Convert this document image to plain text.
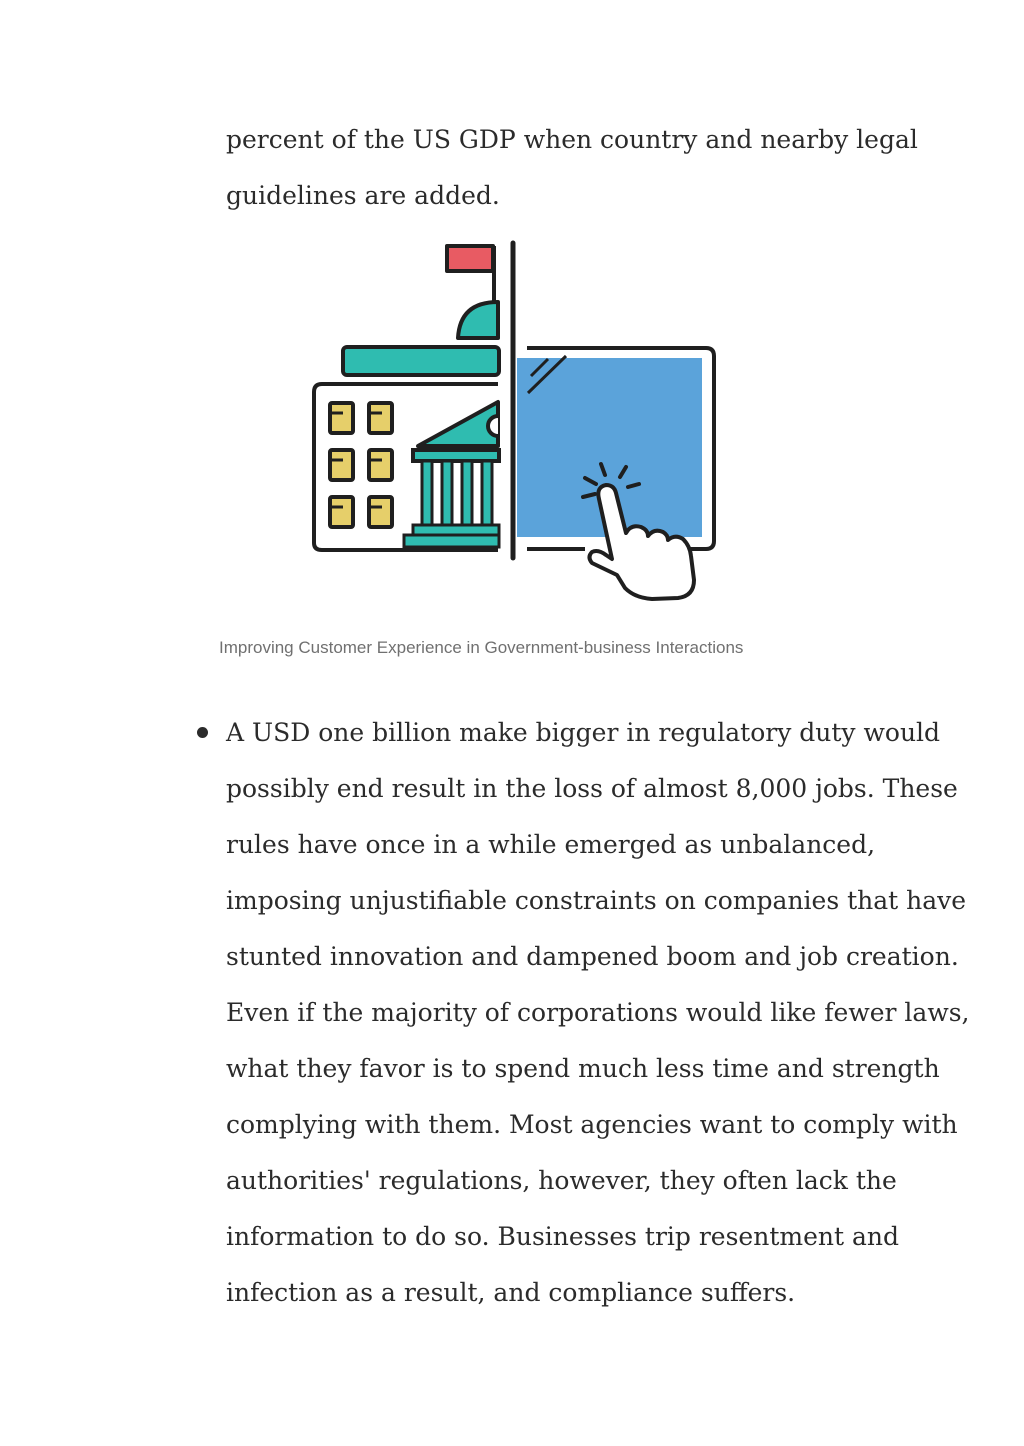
percent of the US GDP when country and nearby legal
guidelines are added.

Improving Customer Experience in Government-business Interactions
A USD one billion make bigger in regulatory duty would
possibly end result in the loss of almost 8,000 jobs. These
rules have once in a while emerged as unbalanced,
imposing unjustifiable constraints on companies that have
stunted innovation and dampened boom and job creation.
Even if the majority of corporations would like fewer laws,
what they favor is to spend much less time and strength
complying with them. Most agencies want to comply with
authorities' regulations, however, they often lack the
information to do so. Businesses trip resentment and
infection as a result, and compliance suffers.
